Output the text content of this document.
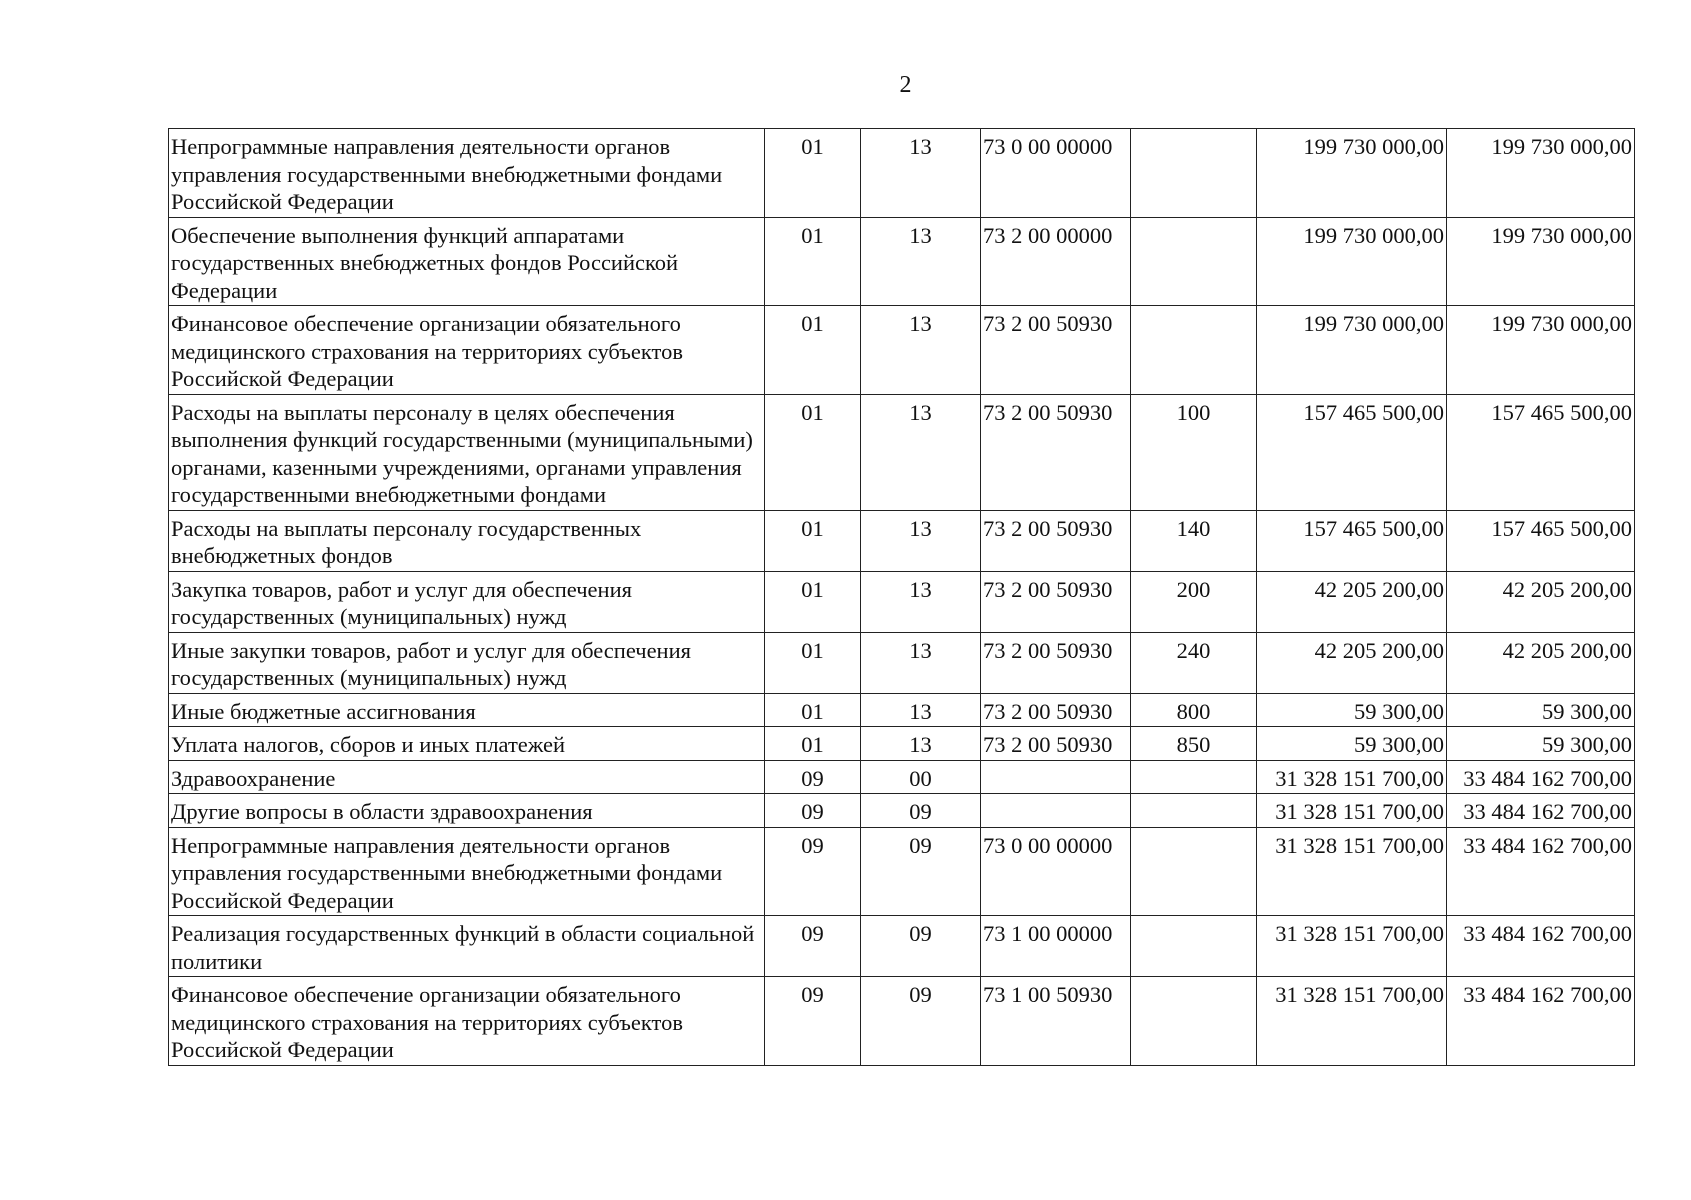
2
Непрограммные направления деятельности органов управления государственными внебюджетными фондами Российской Федерации	01	13	73 0 00 00000		199 730 000,00	199 730 000,00
Обеспечение выполнения функций аппаратами государственных внебюджетных фондов Российской Федерации	01	13	73 2 00 00000		199 730 000,00	199 730 000,00
Финансовое обеспечение организации обязательного медицинского страхования на территориях субъектов Российской Федерации	01	13	73 2 00 50930		199 730 000,00	199 730 000,00
Расходы на выплаты персоналу в целях обеспечения выполнения функций государственными (муниципальными) органами, казенными учреждениями, органами управления государственными внебюджетными фондами	01	13	73 2 00 50930	100	157 465 500,00	157 465 500,00
Расходы на выплаты персоналу государственных внебюджетных фондов	01	13	73 2 00 50930	140	157 465 500,00	157 465 500,00
Закупка товаров, работ и услуг для обеспечения государственных (муниципальных) нужд	01	13	73 2 00 50930	200	42 205 200,00	42 205 200,00
Иные закупки товаров, работ и услуг для обеспечения государственных (муниципальных) нужд	01	13	73 2 00 50930	240	42 205 200,00	42 205 200,00
Иные бюджетные ассигнования	01	13	73 2 00 50930	800	59 300,00	59 300,00
Уплата налогов, сборов и иных платежей	01	13	73 2 00 50930	850	59 300,00	59 300,00
Здравоохранение	09	00			31 328 151 700,00	33 484 162 700,00
Другие вопросы в области здравоохранения	09	09			31 328 151 700,00	33 484 162 700,00
Непрограммные направления деятельности органов управления государственными внебюджетными фондами Российской Федерации	09	09	73 0 00 00000		31 328 151 700,00	33 484 162 700,00
Реализация государственных функций в области социальной политики	09	09	73 1 00 00000		31 328 151 700,00	33 484 162 700,00
Финансовое обеспечение организации обязательного медицинского страхования на территориях субъектов Российской Федерации	09	09	73 1 00 50930		31 328 151 700,00	33 484 162 700,00
